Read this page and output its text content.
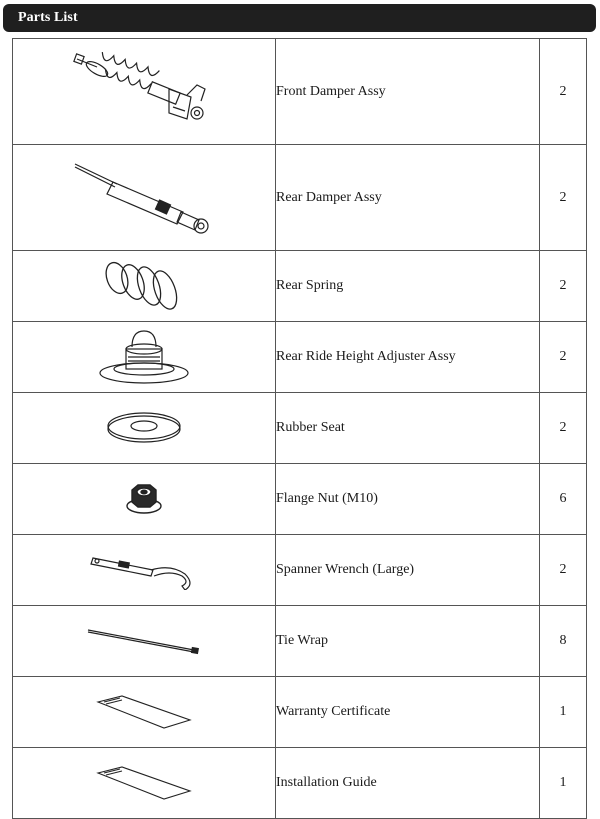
Parts List
	Front Damper Assy	2

	Rear Damper Assy	2

	Rear Spring	2

	Rear Ride Height Adjuster Assy	2

	Rubber Seat	2

	Flange Nut (M10)	6

	Spanner Wrench (Large)	2

	Tie Wrap	8

	Warranty Certificate	1

	Installation Guide	1
